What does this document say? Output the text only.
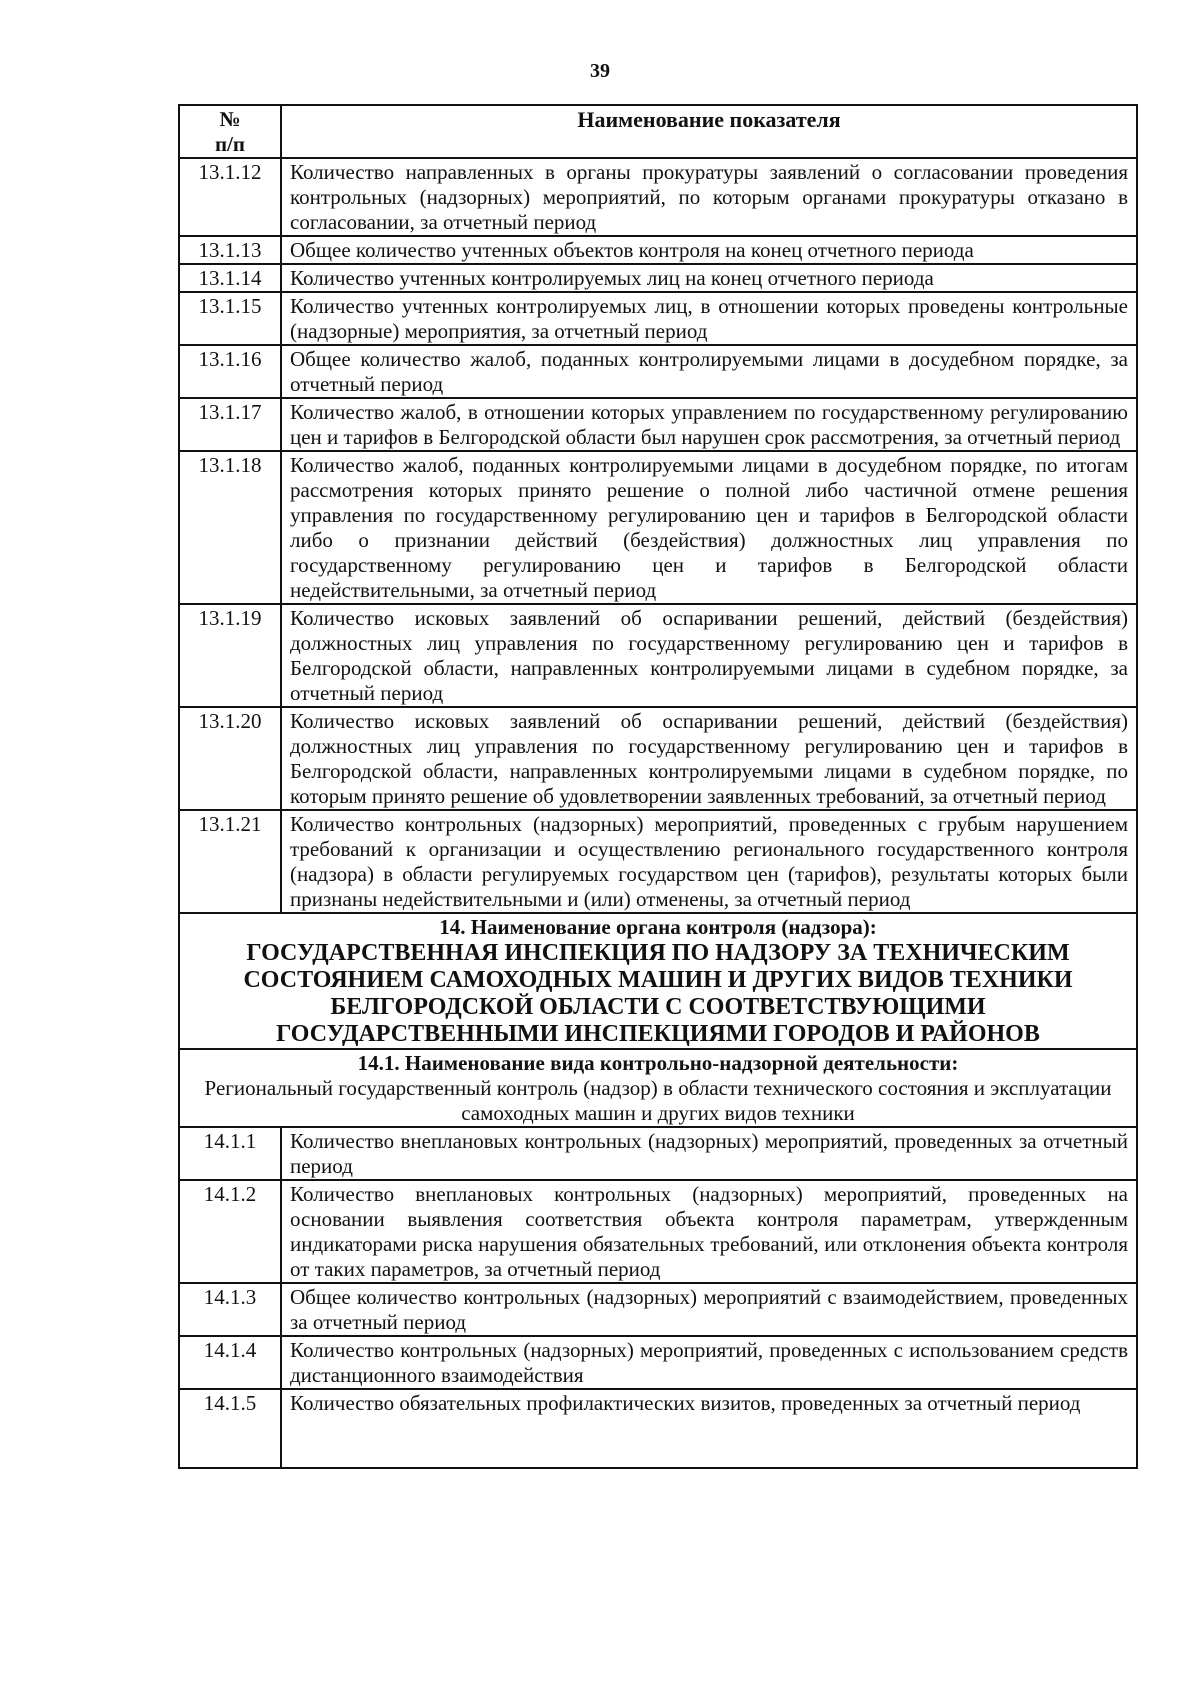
39
№
п/п	Наименование показателя
13.1.12	Количество направленных в органы прокуратуры заявлений о согласовании проведения контрольных (надзорных) мероприятий, по которым органами прокуратуры отказано в согласовании, за отчетный период
13.1.13	Общее количество учтенных объектов контроля на конец отчетного периода
13.1.14	Количество учтенных контролируемых лиц на конец отчетного периода
13.1.15	Количество учтенных контролируемых лиц, в отношении которых проведены контрольные (надзорные) мероприятия, за отчетный период
13.1.16	Общее количество жалоб, поданных контролируемыми лицами в досудебном порядке, за отчетный период
13.1.17	Количество жалоб, в отношении которых управлением по государственному регулированию цен и тарифов в Белгородской области был нарушен срок рассмотрения, за отчетный период
13.1.18	Количество жалоб, поданных контролируемыми лицами в досудебном порядке, по итогам рассмотрения которых принято решение о полной либо частичной отмене решения управления по государственному регулированию цен и тарифов в Белгородской области либо о признании действий (бездействия) должностных лиц управления по государственному регулированию цен и тарифов в Белгородской области недействительными, за отчетный период
13.1.19	Количество исковых заявлений об оспаривании решений, действий (бездействия) должностных лиц управления по государственному регулированию цен и тарифов в Белгородской области, направленных контролируемыми лицами в судебном порядке, за отчетный период
13.1.20	Количество исковых заявлений об оспаривании решений, действий (бездействия) должностных лиц управления по государственному регулированию цен и тарифов в Белгородской области, направленных контролируемыми лицами в судебном порядке, по которым принято решение об удовлетворении заявленных требований, за отчетный период
13.1.21	Количество контрольных (надзорных) мероприятий, проведенных с грубым нарушением требований к организации и осуществлению регионального государственного контроля (надзора) в области регулируемых государством цен (тарифов), результаты которых были признаны недействительными и (или) отменены, за отчетный период

14. Наименование органа контроля (надзора):
ГОСУДАРСТВЕННАЯ ИНСПЕКЦИЯ ПО НАДЗОРУ ЗА ТЕХНИЧЕСКИМ СОСТОЯНИЕМ САМОХОДНЫХ МАШИН И ДРУГИХ ВИДОВ ТЕХНИКИ БЕЛГОРОДСКОЙ ОБЛАСТИ С СООТВЕТСТВУЮЩИМИ ГОСУДАРСТВЕННЫМИ ИНСПЕКЦИЯМИ ГОРОДОВ И РАЙОНОВ	

14.1. Наименование вида контрольно-надзорной деятельности:
Региональный государственный контроль (надзор) в области технического состояния и эксплуатации самоходных машин и других видов техники	

14.1.1	Количество внеплановых контрольных (надзорных) мероприятий, проведенных за отчетный период
14.1.2	Количество внеплановых контрольных (надзорных) мероприятий, проведенных на основании выявления соответствия объекта контроля параметрам, утвержденным индикаторами риска нарушения обязательных требований, или отклонения объекта контроля от таких параметров, за отчетный период
14.1.3	Общее количество контрольных (надзорных) мероприятий с взаимодействием, проведенных за отчетный период
14.1.4	Количество контрольных (надзорных) мероприятий, проведенных с использованием средств дистанционного взаимодействия
14.1.5	Количество обязательных профилактических визитов, проведенных за отчетный период
